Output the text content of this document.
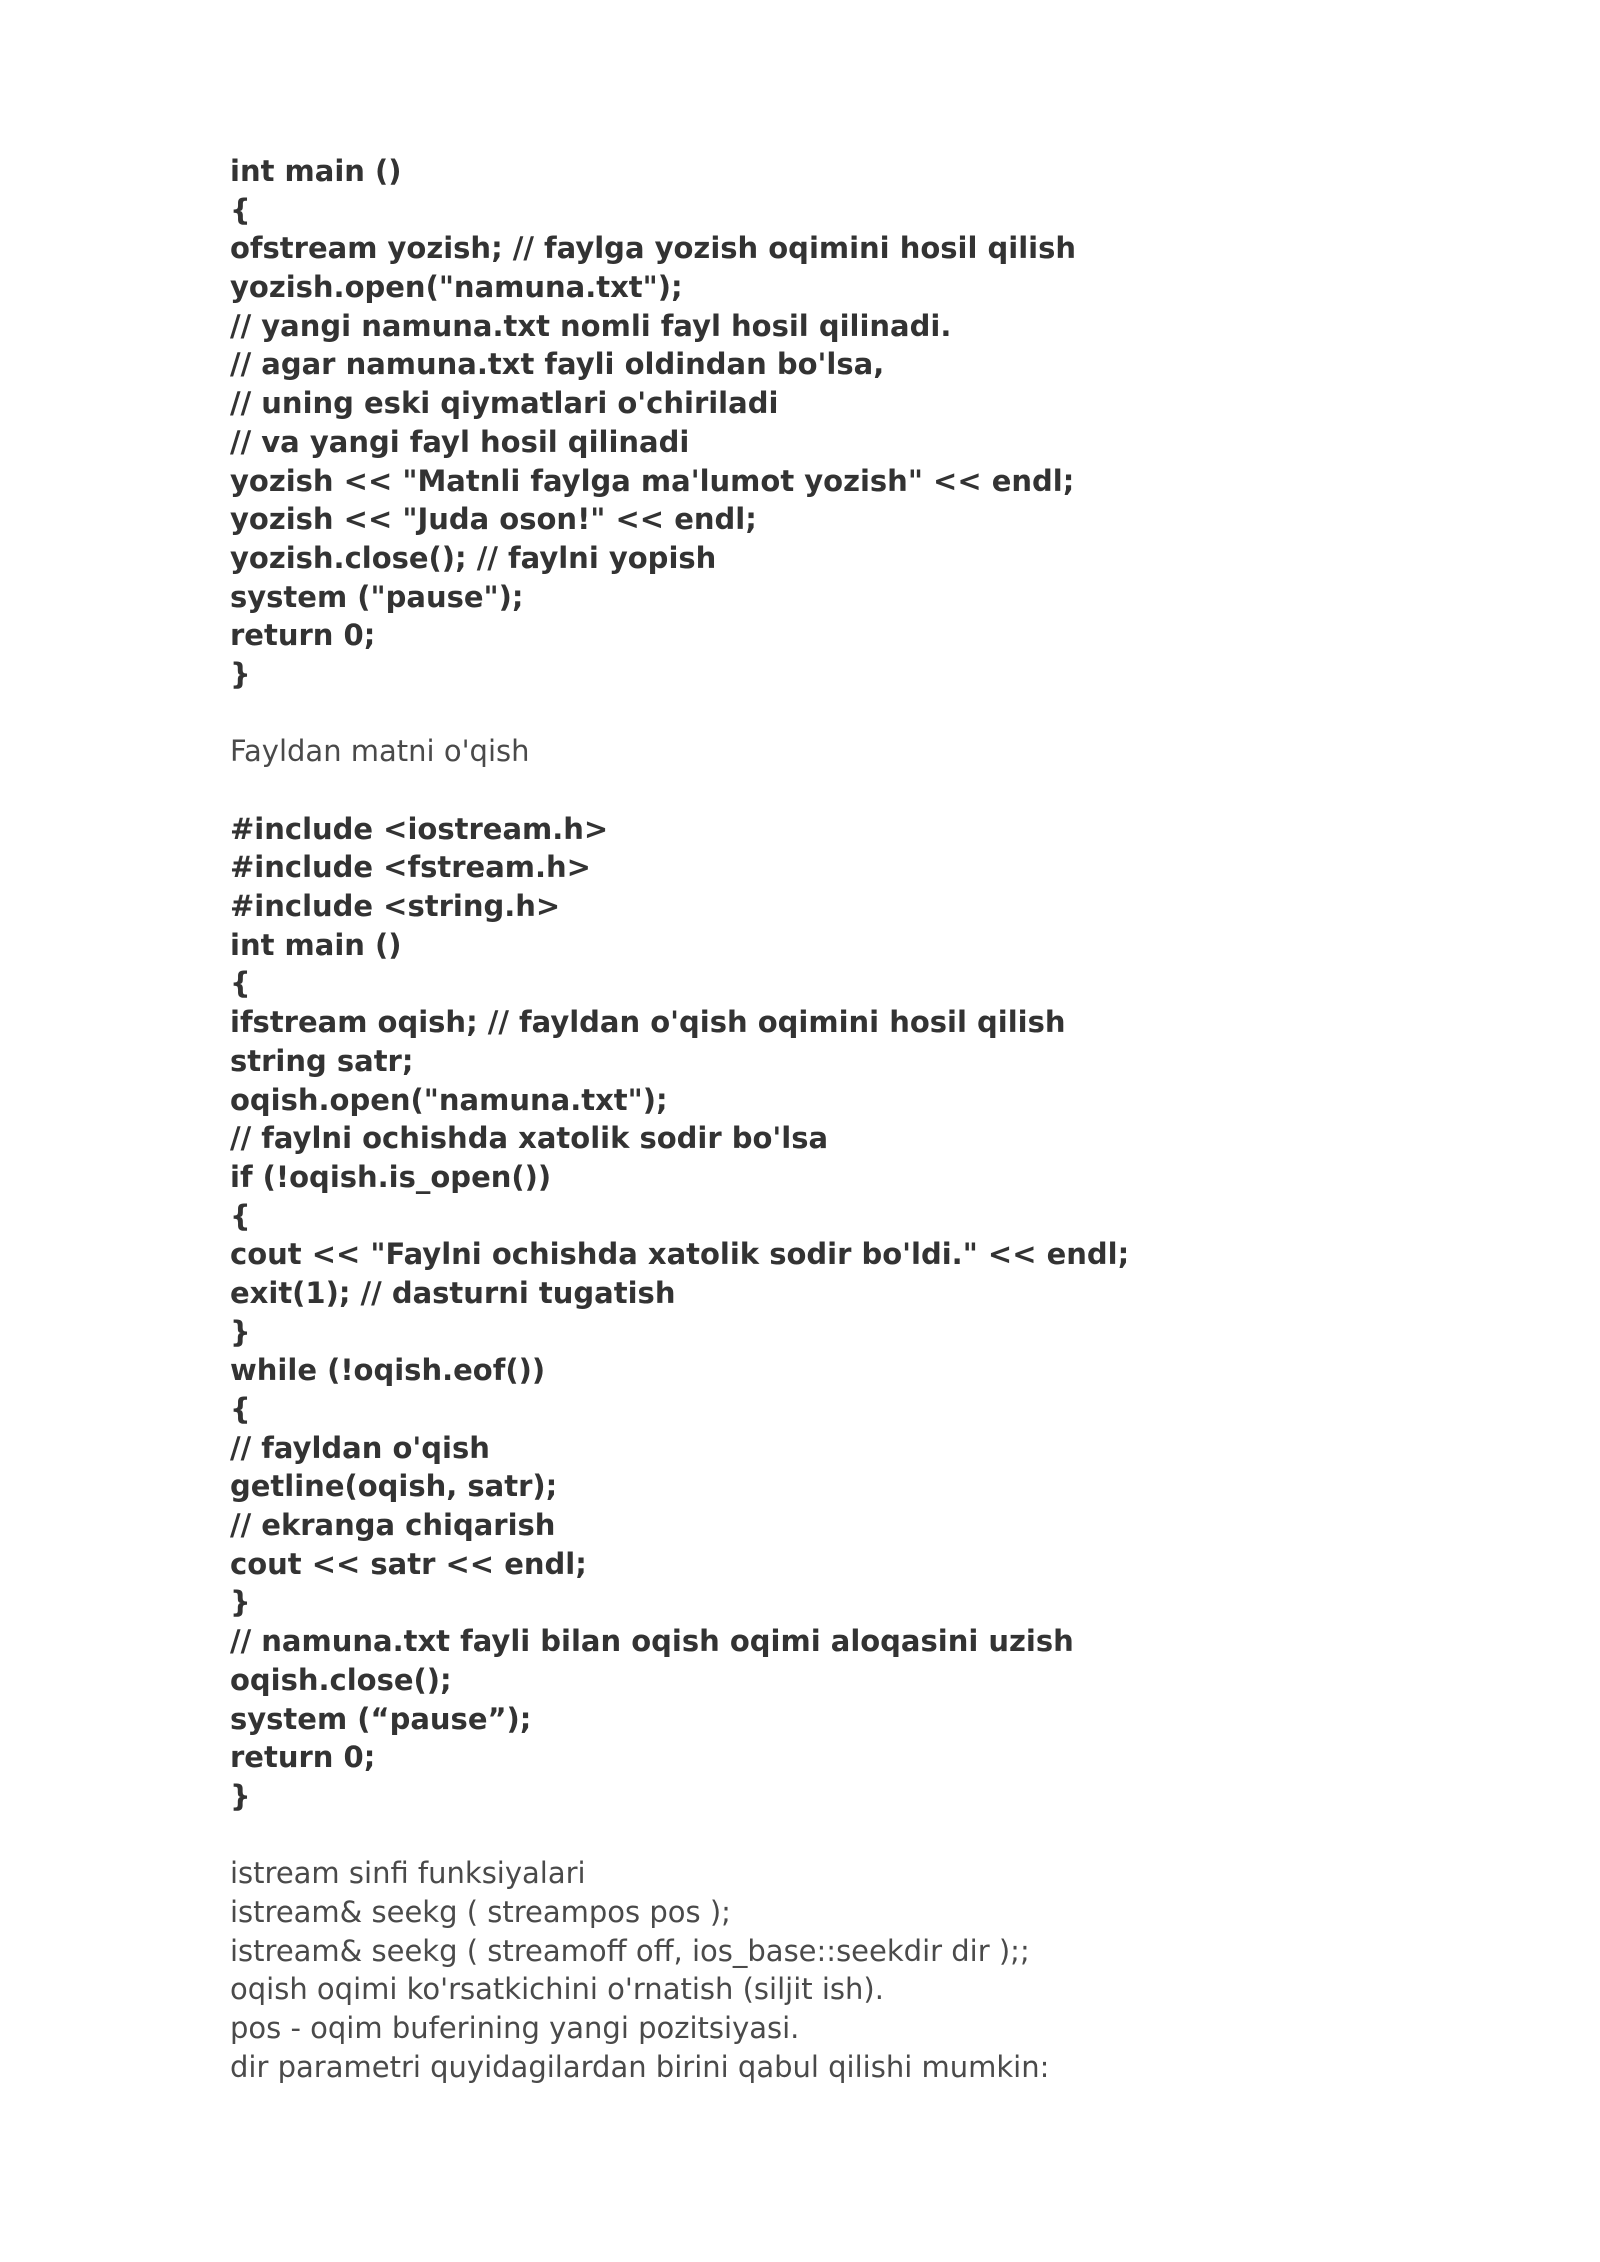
int main ()
{
ofstream yozish; // faylga yozish oqimini hosil qilish
yozish.open("namuna.txt");
// yangi namuna.txt nomli fayl hosil qilinadi.
// agar namuna.txt fayli oldindan bo'lsa,
// uning eski qiymatlari o'chiriladi
// va yangi fayl hosil qilinadi
yozish << "Matnli faylga ma'lumot yozish" << endl;
yozish << "Juda oson!" << endl;
yozish.close(); // faylni yopish
system ("pause");
return 0;
}
Fayldan matni o'qish
#include <iostream.h>
#include <fstream.h>
#include <string.h>
int main ()
{
ifstream oqish; // fayldan o'qish oqimini hosil qilish
string satr;
oqish.open("namuna.txt");
// faylni ochishda xatolik sodir bo'lsa
if (!oqish.is_open())
{
cout << "Faylni ochishda xatolik sodir bo'ldi." << endl;
exit(1); // dasturni tugatish
}
while (!oqish.eof())
{
// fayldan o'qish
getline(oqish, satr);
// ekranga chiqarish
cout << satr << endl;
}
// namuna.txt fayli bilan oqish oqimi aloqasini uzish
oqish.close();
system (“pause”);
return 0;
}
istream sinfi funksiyalari
istream& seekg ( streampos pos );
istream& seekg ( streamoff off, ios_base::seekdir dir );;
oqish oqimi ko'rsatkichini o'rnatish (siljit ish).
pos - oqim buferining yangi pozitsiyasi.
dir parametri quyidagilardan birini qabul qilishi mumkin:
